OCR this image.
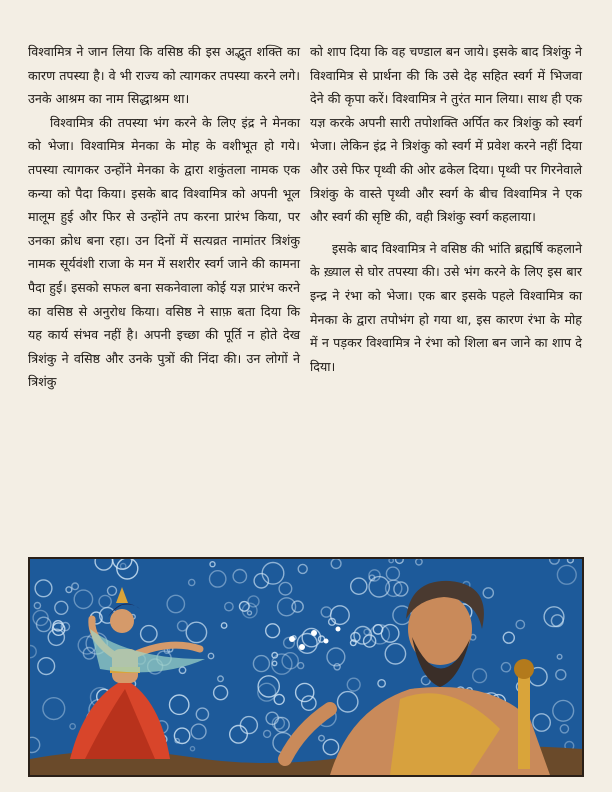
विश्वामित्र ने जान लिया कि वसिष्ठ की इस अद्भुत शक्ति का कारण तपस्या है। वे भी राज्य को त्यागकर तपस्या करने लगे। उनके आश्रम का नाम सिद्धाश्रम था।

विश्वामित्र की तपस्या भंग करने के लिए इंद्र ने मेनका को भेजा। विश्वामित्र मेनका के मोह के वशीभूत हो गये। तपस्या त्यागकर उन्होंने मेनका के द्वारा शकुंतला नामक एक कन्या को पैदा किया। इसके बाद विश्वामित्र को अपनी भूल मालूम हुई और फिर से उन्होंने तप करना प्रारंभ किया, पर उनका क्रोध बना रहा। उन दिनों में सत्यव्रत नामांतर त्रिशंकु नामक सूर्यवंशी राजा के मन में सशरीर स्वर्ग जाने की कामना पैदा हुई। इसको सफल बना सकनेवाला कोई यज्ञ प्रारंभ करने का वसिष्ठ से अनुरोध किया। वसिष्ठ ने साफ़ बता दिया कि यह कार्य संभव नहीं है। अपनी इच्छा की पूर्ति न होते देख त्रिशंकु ने वसिष्ठ और उनके पुत्रों की निंदा की। उन लोगों ने त्रिशंकु

को शाप दिया कि वह चण्डाल बन जाये। इसके बाद त्रिशंकु ने विश्वामित्र से प्रार्थना की कि उसे देह सहित स्वर्ग में भिजवा देने की कृपा करें। विश्वामित्र ने तुरंत मान लिया। साथ ही एक यज्ञ करके अपनी सारी तपोशक्ति अर्पित कर त्रिशंकु को स्वर्ग भेजा। लेकिन इंद्र ने त्रिशंकु को स्वर्ग में प्रवेश करने नहीं दिया और उसे फिर पृथ्वी की ओर ढकेल दिया। पृथ्वी पर गिरनेवाले त्रिशंकु के वास्ते पृथ्वी और स्वर्ग के बीच विश्वामित्र ने एक और स्वर्ग की सृष्टि की, वही त्रिशंकु स्वर्ग कहलाया।

इसके बाद विश्वामित्र ने वसिष्ठ की भांति ब्रह्मर्षि कहलाने के ख़्याल से घोर तपस्या की। उसे भंग करने के लिए इस बार इन्द्र ने रंभा को भेजा। एक बार इसके पहले विश्वामित्र का मेनका के द्वारा तपोभंग हो गया था, इस कारण रंभा के मोह में न पड़कर विश्वामित्र ने रंभा को शिला बन जाने का शाप दे दिया।
